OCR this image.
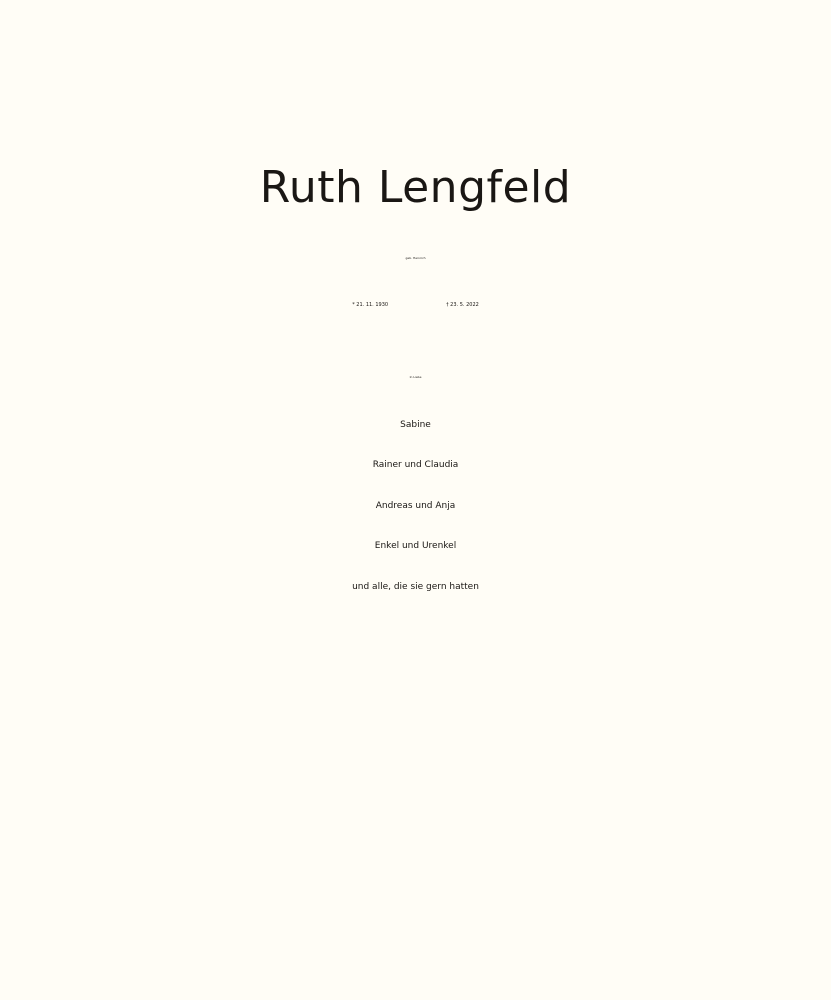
Ruth Lengfeld
geb. Heinrich
* 21. 11. 1930	† 23. 5. 2022
In Liebe
Sabine
Rainer und Claudia
Andreas und Anja
Enkel und Urenkel
und alle, die sie gern hatten
